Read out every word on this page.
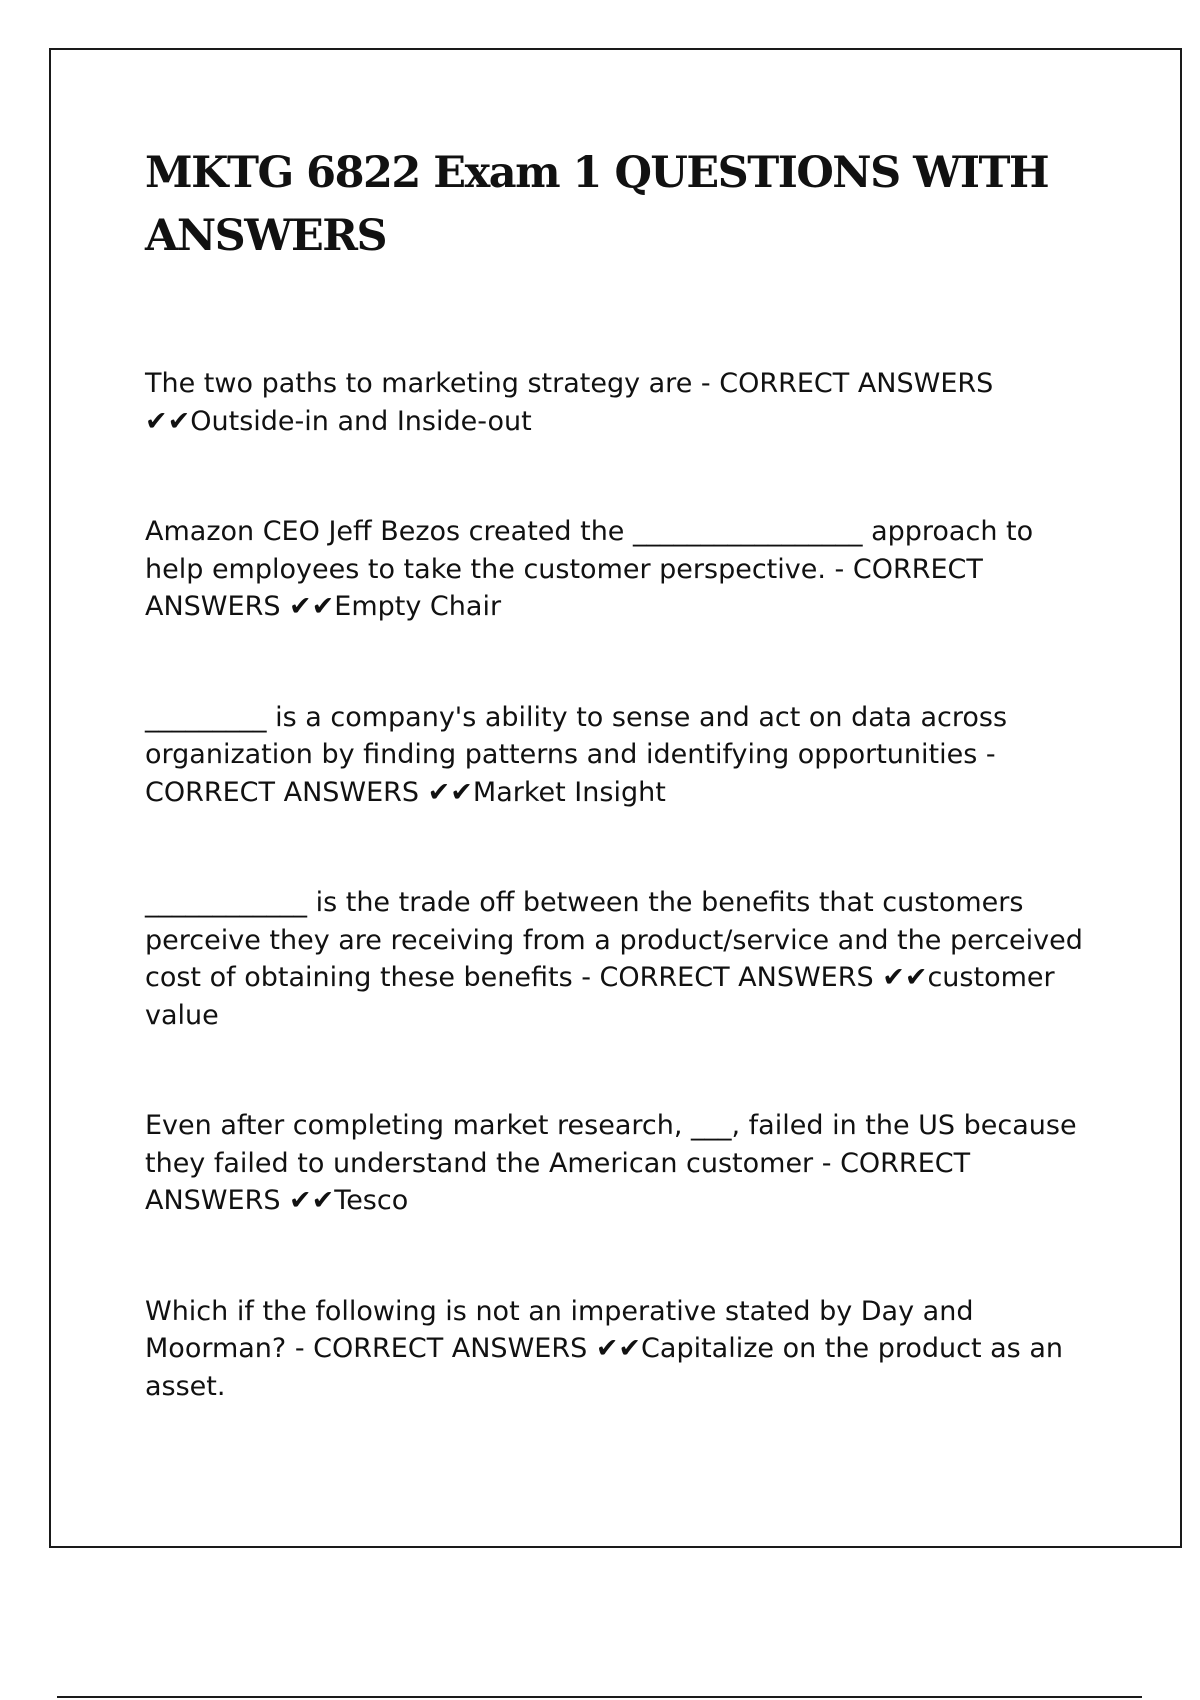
MKTG 6822 Exam 1 QUESTIONS WITH ANSWERS
The two paths to marketing strategy are - CORRECT ANSWERS ✔✔Outside-in and Inside-out
Amazon CEO Jeff Bezos created the _________________ approach to help employees to take the customer perspective. - CORRECT ANSWERS ✔✔Empty Chair
_________ is a company's ability to sense and act on data across organization by finding patterns and identifying opportunities - CORRECT ANSWERS ✔✔Market Insight
____________ is the trade off between the benefits that customers  perceive they are receiving from a product/service and the perceived cost of obtaining these benefits - CORRECT ANSWERS ✔✔customer value
Even after completing market research, ___, failed in the US because they failed to understand the American customer - CORRECT ANSWERS ✔✔Tesco
Which if the following is not an imperative stated by Day and Moorman? - CORRECT ANSWERS ✔✔Capitalize on the product as an asset.
